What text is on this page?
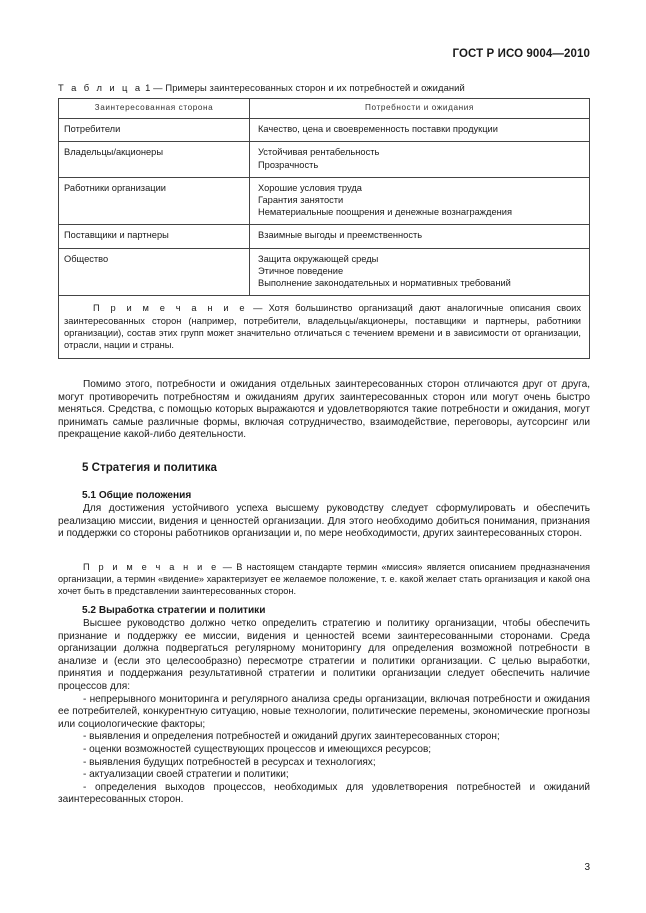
ГОСТ Р ИСО 9004—2010
Т а б л и ц а 1 — Примеры заинтересованных сторон и их потребностей и ожиданий
Заинтересованная сторона	Потребности и ожидания
Потребители	Качество, цена и своевременность поставки продукции

Владельцы/акционеры	Устойчивая рентабельность
Прозрачность

Работники организации	Хорошие условия труда
Гарантия занятости
Нематериальные поощрения и денежные вознаграждения

Поставщики и партнеры	Взаимные выгоды и преемственность

Общество	Защита окружающей среды
Этичное поведение
Выполнение законодательных и нормативных требований

П р и м е ч а н и е — Хотя большинство организаций дают аналогичные описания своих заинтересованных сторон (например, потребители, владельцы/акционеры, поставщики и партнеры, работники организации), состав этих групп может значительно отличаться с течением времени и в зависимости от организации, отрасли, нации и страны.	

Помимо этого, потребности и ожидания отдельных заинтересованных сторон отличаются друг от друга, могут противоречить потребностям и ожиданиям других заинтересованных сторон или могут очень быстро меняться. Средства, с помощью которых выражаются и удовлетворяются такие потребности и ожидания, могут принимать самые различные формы, включая сотрудничество, взаимодействие, переговоры, аутсорсинг или прекращение какой-либо деятельности.

5 Стратегия и политика
5.1 Общие положения

Для достижения устойчивого успеха высшему руководству следует сформулировать и обеспечить реализацию миссии, видения и ценностей организации. Для этого необходимо добиться понимания, признания и поддержки со стороны работников организации и, по мере необходимости, других заинтересованных сторон.

П р и м е ч а н и е — В настоящем стандарте термин «миссия» является описанием предназначения организации, а термин «видение» характеризует ее желаемое положение, т. е. какой желает стать организация и какой она хочет быть в представлении заинтересованных сторон.

5.2 Выработка стратегии и политики

Высшее руководство должно четко определить стратегию и политику организации, чтобы обеспечить признание и поддержку ее миссии, видения и ценностей всеми заинтересованными сторонами. Среда организации должна подвергаться регулярному мониторингу для определения возможной потребности в анализе и (если это целесообразно) пересмотре стратегии и политики организации. С целью выработки, принятия и поддержания результативной стратегии и политики организации следует обеспечить наличие процессов для:

- непрерывного мониторинга и регулярного анализа среды организации, включая потребности и ожидания ее потребителей, конкурентную ситуацию, новые технологии, политические перемены, экономические прогнозы или социологические факторы;

- выявления и определения потребностей и ожиданий других заинтересованных сторон;

- оценки возможностей существующих процессов и имеющихся ресурсов;

- выявления будущих потребностей в ресурсах и технологиях;

- актуализации своей стратегии и политики;

- определения выходов процессов, необходимых для удовлетворения потребностей и ожиданий заинтересованных сторон.

3
